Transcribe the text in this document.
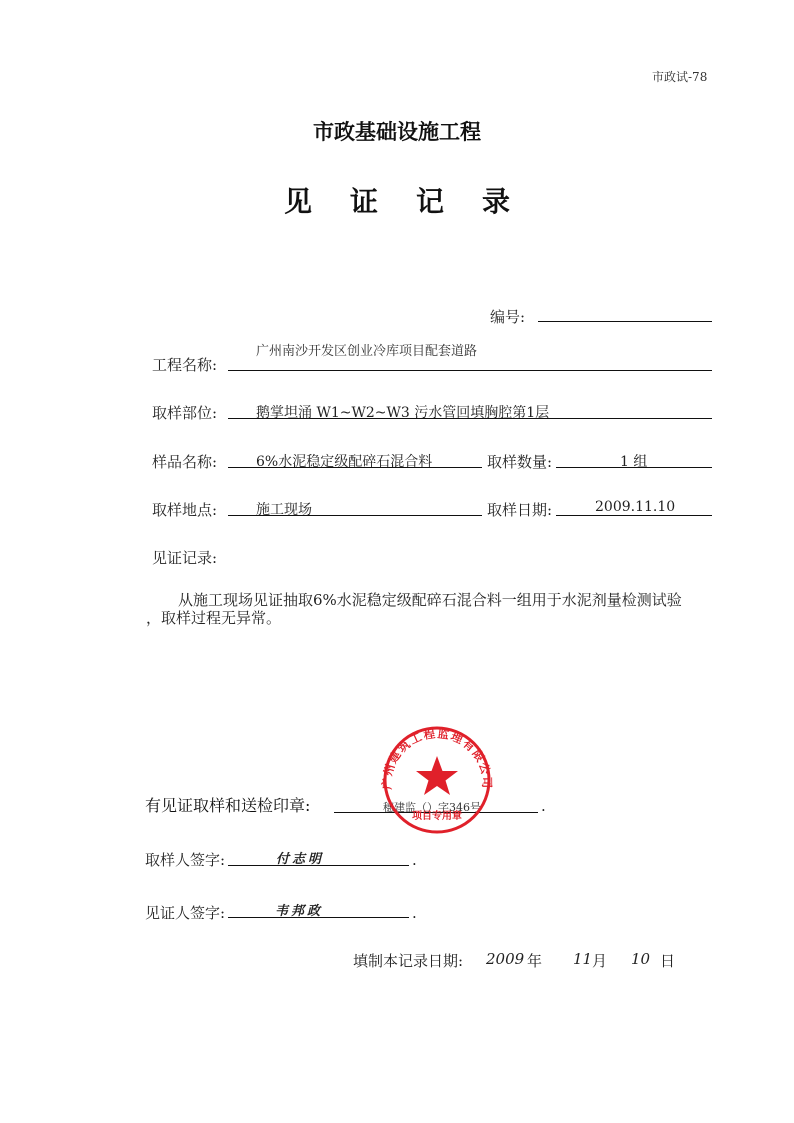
市政试-78
市政基础设施工程
见证记录
编号:
广州南沙开发区创业冷库项目配套道路
工程名称:
取样部位:	鹅掌坦涌 W1~W2~W3 污水管回填胸腔第1层
样品名称:	6%水泥稳定级配碎石混合料	取样数量:	1 组
取样地点:	施工现场	取样日期:	2009.11.10
见证记录:
从施工现场见证抽取6%水泥稳定级配碎石混合料一组用于水泥剂量检测试验
，取样过程无异常。
有见证取样和送检印章:	穗建监（）字346号	.
广州建筑工程监理有限公司
项目专用章
取样人签字:	付志明	.
见证人签字:	韦邦政	.
填制本记录日期: 2009 年 11 月 10 日
